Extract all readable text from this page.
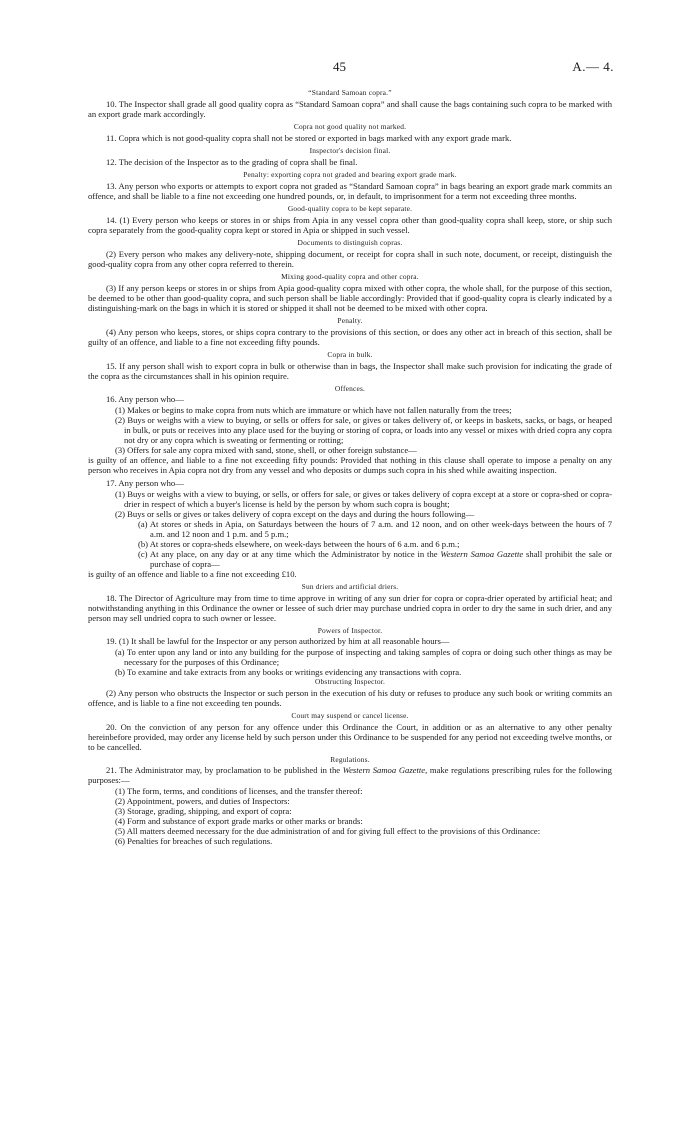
45	A.— 4.

“Standard Samoan copra.”

10. The Inspector shall grade all good quality copra as “Standard Samoan copra” and shall cause the bags containing such copra to be marked with an export grade mark accordingly.

Copra not good quality not marked.

11. Copra which is not good-quality copra shall not be stored or exported in bags marked with any export grade mark.

Inspector's decision final.

12. The decision of the Inspector as to the grading of copra shall be final.

Penalty: exporting copra not graded and bearing export grade mark.

13. Any person who exports or attempts to export copra not graded as “Standard Samoan copra” in bags bearing an export grade mark commits an offence, and shall be liable to a fine not exceeding one hundred pounds, or, in default, to imprisonment for a term not exceeding three months.

Good-quality copra to be kept separate.

14. (1) Every person who keeps or stores in or ships from Apia in any vessel copra other than good-quality copra shall keep, store, or ship such copra separately from the good-quality copra kept or stored in Apia or shipped in such vessel.

Documents to distinguish copras.

(2) Every person who makes any delivery-note, shipping document, or receipt for copra shall in such note, document, or receipt, distinguish the good-quality copra from any other copra referred to therein.

Mixing good-quality copra and other copra.

(3) If any person keeps or stores in or ships from Apia good-quality copra mixed with other copra, the whole shall, for the purpose of this section, be deemed to be other than good-quality copra, and such person shall be liable accordingly: Provided that if good-quality copra is clearly indicated by a distinguishing-mark on the bags in which it is stored or shipped it shall not be deemed to be mixed with other copra.

Penalty.

(4) Any person who keeps, stores, or ships copra contrary to the provisions of this section, or does any other act in breach of this section, shall be guilty of an offence, and liable to a fine not exceeding fifty pounds.

Copra in bulk.

15. If any person shall wish to export copra in bulk or otherwise than in bags, the Inspector shall make such provision for indicating the grade of the copra as the circumstances shall in his opinion require.

Offences.

16. Any person who—

(1) Makes or begins to make copra from nuts which are immature or which have not fallen naturally from the trees;

(2) Buys or weighs with a view to buying, or sells or offers for sale, or gives or takes delivery of, or keeps in baskets, sacks, or bags, or heaped in bulk, or puts or receives into any place used for the buying or storing of copra, or loads into any vessel or mixes with dried copra any copra not dry or any copra which is sweating or fermenting or rotting;

(3) Offers for sale any copra mixed with sand, stone, shell, or other foreign substance—

is guilty of an offence, and liable to a fine not exceeding fifty pounds: Provided that nothing in this clause shall operate to impose a penalty on any person who receives in Apia copra not dry from any vessel and who deposits or dumps such copra in his shed while awaiting inspection.

17. Any person who—

(1) Buys or weighs with a view to buying, or sells, or offers for sale, or gives or takes delivery of copra except at a store or copra-shed or copra-drier in respect of which a buyer's license is held by the person by whom such copra is bought;

(2) Buys or sells or gives or takes delivery of copra except on the days and during the hours following—

(a) At stores or sheds in Apia, on Saturdays between the hours of 7 a.m. and 12 noon, and on other week-days between the hours of 7 a.m. and 12 noon and 1 p.m. and 5 p.m.;

(b) At stores or copra-sheds elsewhere, on week-days between the hours of 6 a.m. and 6 p.m.;

(c) At any place, on any day or at any time which the Administrator by notice in the Western Samoa Gazette shall prohibit the sale or purchase of copra—

is guilty of an offence and liable to a fine not exceeding £10.

Sun driers and artificial driers.

18. The Director of Agriculture may from time to time approve in writing of any sun drier for copra or copra-drier operated by artificial heat; and notwithstanding anything in this Ordinance the owner or lessee of such drier may purchase undried copra in order to dry the same in such drier, and any person may sell undried copra to such owner or lessee.

Powers of Inspector.

19. (1) It shall be lawful for the Inspector or any person authorized by him at all reasonable hours—

(a) To enter upon any land or into any building for the purpose of inspecting and taking samples of copra or doing such other things as may be necessary for the purposes of this Ordinance;

(b) To examine and take extracts from any books or writings evidencing any transactions with copra.

Obstructing Inspector.

(2) Any person who obstructs the Inspector or such person in the execution of his duty or refuses to produce any such book or writing commits an offence, and is liable to a fine not exceeding ten pounds.

Court may suspend or cancel license.

20. On the conviction of any person for any offence under this Ordinance the Court, in addition or as an alternative to any other penalty hereinbefore provided, may order any license held by such person under this Ordinance to be suspended for any period not exceeding twelve months, or to be cancelled.

Regulations.

21. The Administrator may, by proclamation to be published in the Western Samoa Gazette, make regulations prescribing rules for the following purposes:—

(1) The form, terms, and conditions of licenses, and the transfer thereof:

(2) Appointment, powers, and duties of Inspectors:

(3) Storage, grading, shipping, and export of copra:

(4) Form and substance of export grade marks or other marks or brands:

(5) All matters deemed necessary for the due administration of and for giving full effect to the provisions of this Ordinance:

(6) Penalties for breaches of such regulations.
